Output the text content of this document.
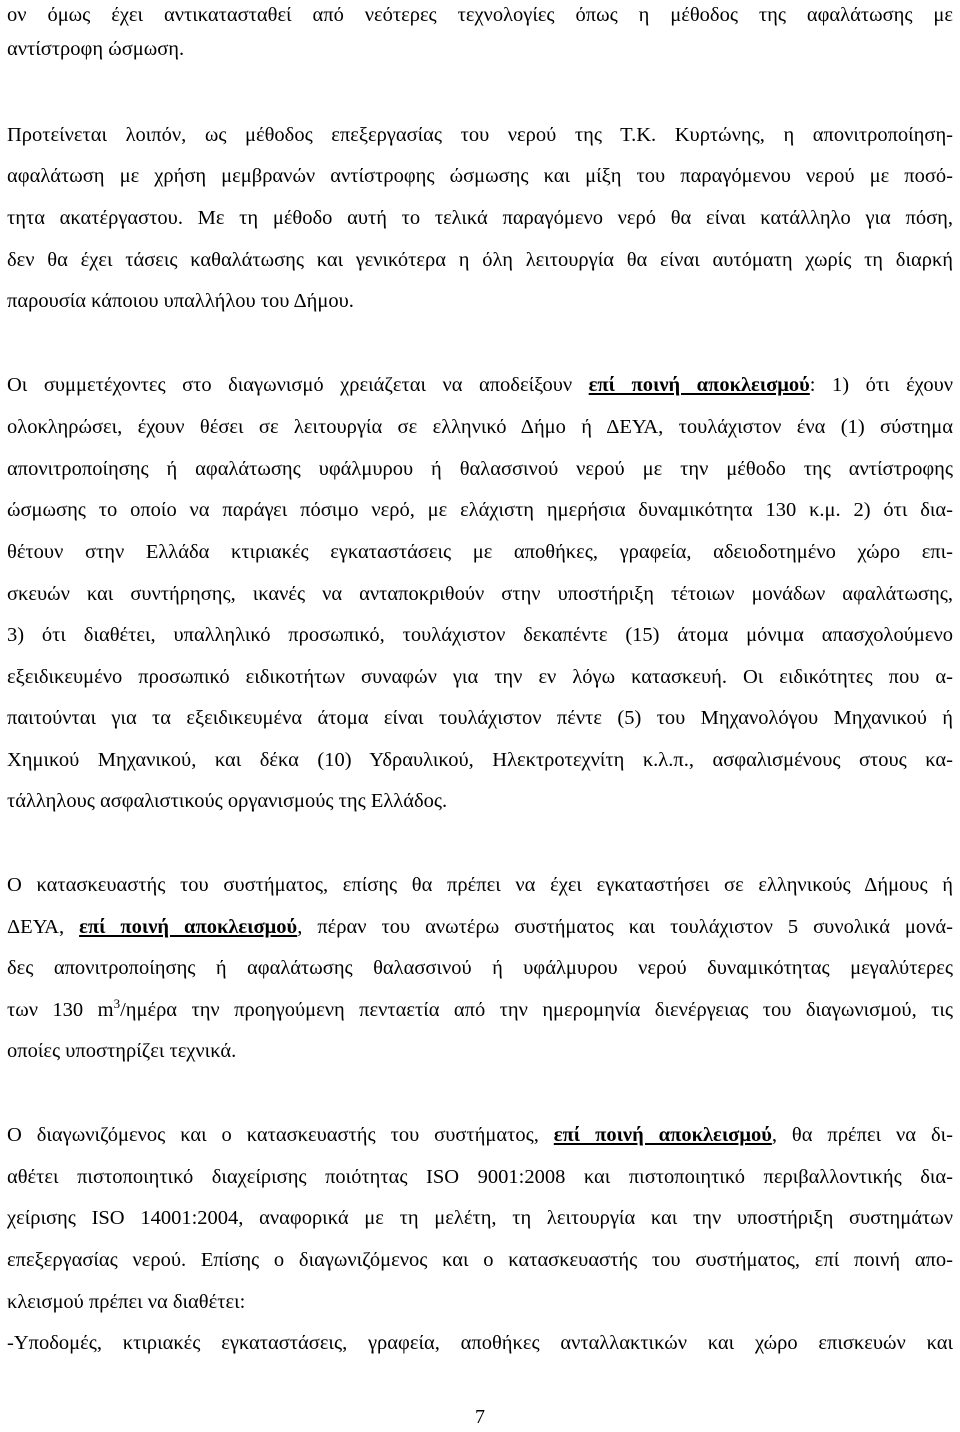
ον όμως έχει αντικατασταθεί από νεότερες τεχνολογίες όπως η μέθοδος της αφαλάτωσης με
αντίστροφη ώσμωση.
Προτείνεται λοιπόν, ως μέθοδος επεξεργασίας του νερού της Τ.Κ. Κυρτώνης, η απονιτροποίηση-
αφαλάτωση με χρήση μεμβρανών αντίστροφης ώσμωσης και μίξη του παραγόμενου νερού με ποσό-
τητα ακατέργαστου. Με τη μέθοδο αυτή το τελικά παραγόμενο νερό θα είναι κατάλληλο για πόση,
δεν θα έχει τάσεις καθαλάτωσης και γενικότερα η όλη λειτουργία θα είναι αυτόματη χωρίς τη διαρκή
παρουσία κάποιου υπαλλήλου του Δήμου.
Οι συμμετέχοντες στο διαγωνισμό χρειάζεται να αποδείξουν επί ποινή αποκλεισμού: 1) ότι έχουν
ολοκληρώσει, έχουν θέσει σε λειτουργία σε ελληνικό Δήμο ή ΔΕΥΑ, τουλάχιστον ένα (1) σύστημα
απονιτροποίησης ή αφαλάτωσης υφάλμυρου ή θαλασσινού νερού με την μέθοδο της αντίστροφης
ώσμωσης το οποίο να παράγει πόσιμο νερό, με ελάχιστη ημερήσια δυναμικότητα 130 κ.μ. 2) ότι δια-
θέτουν στην Ελλάδα κτιριακές εγκαταστάσεις με αποθήκες, γραφεία, αδειοδοτημένο χώρο επι-
σκευών και συντήρησης, ικανές να ανταποκριθούν στην υποστήριξη τέτοιων μονάδων αφαλάτωσης,
3) ότι διαθέτει, υπαλληλικό προσωπικό, τουλάχιστον δεκαπέντε (15) άτομα μόνιμα απασχολούμενο
εξειδικευμένο προσωπικό ειδικοτήτων συναφών για την εν λόγω κατασκευή. Οι ειδικότητες που α-
παιτούνται για τα εξειδικευμένα άτομα είναι τουλάχιστον πέντε (5) του Μηχανολόγου Μηχανικού ή
Χημικού Μηχανικού, και δέκα (10) Υδραυλικού, Ηλεκτροτεχνίτη κ.λ.π., ασφαλισμένους στους κα-
τάλληλους ασφαλιστικούς οργανισμούς της Ελλάδος.
Ο κατασκευαστής του συστήματος, επίσης θα πρέπει να έχει εγκαταστήσει σε ελληνικούς Δήμους ή
ΔΕΥΑ, επί ποινή αποκλεισμού, πέραν του ανωτέρω συστήματος και τουλάχιστον 5 συνολικά μονά-
δες απονιτροποίησης ή αφαλάτωσης θαλασσινού ή υφάλμυρου νερού δυναμικότητας μεγαλύτερες
των 130 $m^3$/ημέρα την προηγούμενη πενταετία από την ημερομηνία διενέργειας του διαγωνισμού, τις
οποίες υποστηρίζει τεχνικά.
Ο διαγωνιζόμενος και ο κατασκευαστής του συστήματος, επί ποινή αποκλεισμού, θα πρέπει να δι-
αθέτει πιστοποιητικό διαχείρισης ποιότητας ISO 9001:2008 και πιστοποιητικό περιβαλλοντικής δια-
χείρισης ISO 14001:2004, αναφορικά με τη μελέτη, τη λειτουργία και την υποστήριξη συστημάτων
επεξεργασίας νερού. Επίσης ο διαγωνιζόμενος και ο κατασκευαστής του συστήματος, επί ποινή απο-
κλεισμού πρέπει να διαθέτει:
-Υποδομές, κτιριακές εγκαταστάσεις, γραφεία, αποθήκες ανταλλακτικών και χώρο επισκευών και
7
